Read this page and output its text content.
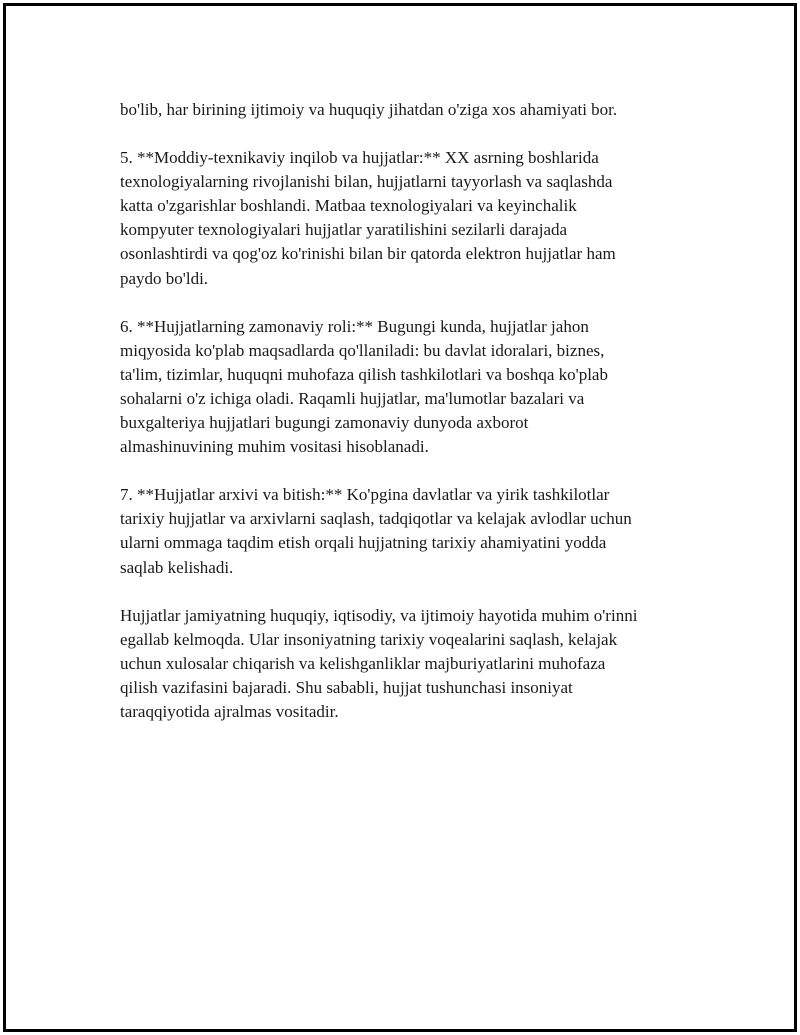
bo'lib, har birining ijtimoiy va huquqiy jihatdan o'ziga xos ahamiyati bor.

5. **Moddiy-texnikaviy inqilob va hujjatlar:** XX asrning boshlarida
texnologiyalarning rivojlanishi bilan, hujjatlarni tayyorlash va saqlashda
katta o'zgarishlar boshlandi. Matbaa texnologiyalari va keyinchalik
kompyuter texnologiyalari hujjatlar yaratilishini sezilarli darajada
osonlashtirdi va qog'oz ko'rinishi bilan bir qatorda elektron hujjatlar ham
paydo bo'ldi.

6. **Hujjatlarning zamonaviy roli:** Bugungi kunda, hujjatlar jahon
miqyosida ko'plab maqsadlarda qo'llaniladi: bu davlat idoralari, biznes,
ta'lim, tizimlar, huquqni muhofaza qilish tashkilotlari va boshqa ko'plab
sohalarni o'z ichiga oladi. Raqamli hujjatlar, ma'lumotlar bazalari va
buxgalteriya hujjatlari bugungi zamonaviy dunyoda axborot
almashinuvining muhim vositasi hisoblanadi.

7. **Hujjatlar arxivi va bitish:** Ko'pgina davlatlar va yirik tashkilotlar
tarixiy hujjatlar va arxivlarni saqlash, tadqiqotlar va kelajak avlodlar uchun
ularni ommaga taqdim etish orqali hujjatning tarixiy ahamiyatini yodda
saqlab kelishadi.

Hujjatlar jamiyatning huquqiy, iqtisodiy, va ijtimoiy hayotida muhim o'rinni
egallab kelmoqda. Ular insoniyatning tarixiy voqealarini saqlash, kelajak
uchun xulosalar chiqarish va kelishganliklar majburiyatlarini muhofaza
qilish vazifasini bajaradi. Shu sababli, hujjat tushunchasi insoniyat
taraqqiyotida ajralmas vositadir.
